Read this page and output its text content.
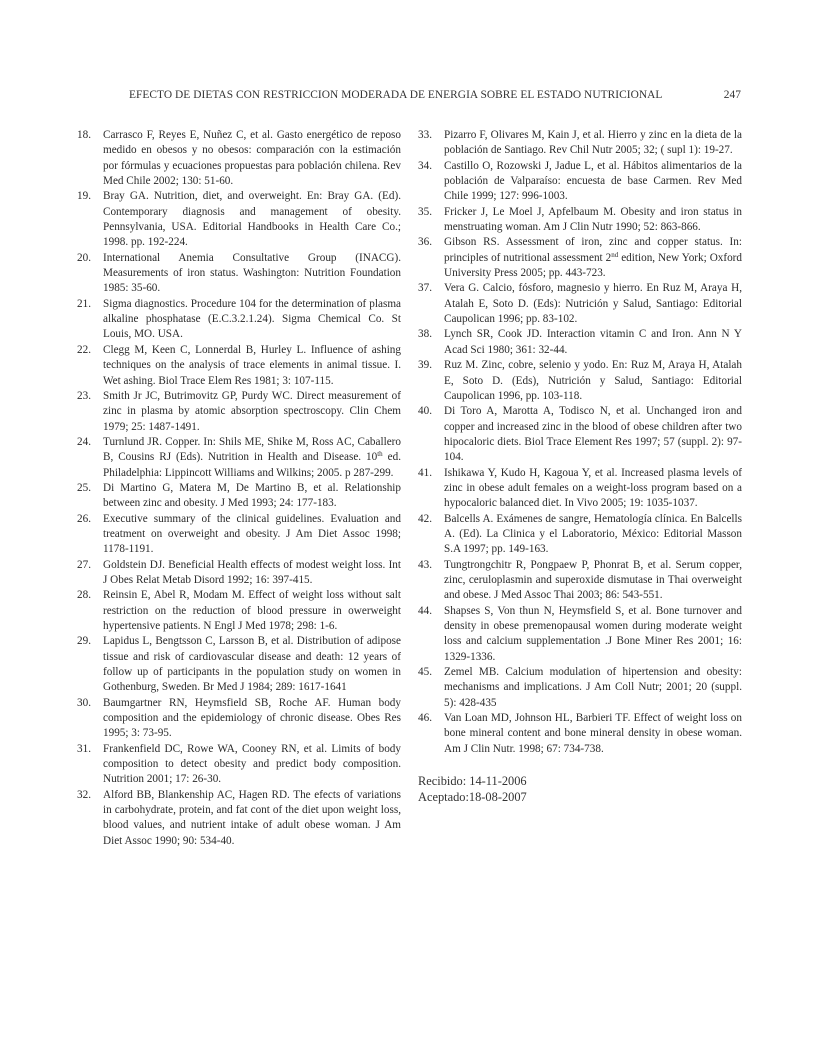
EFECTO DE DIETAS CON RESTRICCION MODERADA DE ENERGIA SOBRE EL ESTADO NUTRICIONAL	247
18. Carrasco F, Reyes E, Nuñez C, et al. Gasto energético de reposo medido en obesos y no obesos: comparación con la estimación por fórmulas y ecuaciones propuestas para población chilena. Rev Med Chile 2002; 130: 51-60.
19. Bray GA. Nutrition, diet, and overweight. En: Bray GA. (Ed). Contemporary diagnosis and management of obesity. Pennsylvania, USA. Editorial Handbooks in Health Care Co.; 1998. pp. 192-224.
20. International Anemia Consultative Group (INACG). Measurements of iron status. Washington: Nutrition Foundation 1985: 35-60.
21. Sigma diagnostics. Procedure 104 for the determination of plasma alkaline phosphatase (E.C.3.2.1.24). Sigma Chemical Co. St Louis, MO. USA.
22. Clegg M, Keen C, Lonnerdal B, Hurley L. Influence of ashing techniques on the analysis of trace elements in animal tissue. I. Wet ashing. Biol Trace Elem Res 1981; 3: 107-115.
23. Smith Jr JC, Butrimovitz GP, Purdy WC. Direct measurement of zinc in plasma by atomic absorption spectroscopy. Clin Chem 1979; 25: 1487-1491.
24. Turnlund JR. Copper. In: Shils ME, Shike M, Ross AC, Caballero B, Cousins RJ (Eds). Nutrition in Health and Disease. 10th ed. Philadelphia: Lippincott Williams and Wilkins; 2005. p 287-299.
25. Di Martino G, Matera M, De Martino B, et al. Relationship between zinc and obesity. J Med 1993; 24: 177-183.
26. Executive summary of the clinical guidelines. Evaluation and treatment on overweight and obesity. J Am Diet Assoc 1998; 1178-1191.
27. Goldstein DJ. Beneficial Health effects of modest weight loss. Int J Obes Relat Metab Disord 1992; 16: 397-415.
28. Reinsin E, Abel R, Modam M. Effect of weight loss without salt restriction on the reduction of blood pressure in owerweight hypertensive patients. N Engl J Med 1978; 298: 1-6.
29. Lapidus L, Bengtsson C, Larsson B, et al. Distribution of adipose tissue and risk of cardiovascular disease and death: 12 years of follow up of participants in the population study on women in Gothenburg, Sweden. Br Med J 1984; 289: 1617-1641
30. Baumgartner RN, Heymsfield SB, Roche AF. Human body composition and the epidemiology of chronic disease. Obes Res 1995; 3: 73-95.
31. Frankenfield DC, Rowe WA, Cooney RN, et al. Limits of body composition to detect obesity and predict body composition. Nutrition 2001; 17: 26-30.
32. Alford BB, Blankenship AC, Hagen RD. The efects of variations in carbohydrate, protein, and fat cont of the diet upon weight loss, blood values, and nutrient intake of adult obese woman. J Am Diet Assoc 1990; 90: 534-40.
33. Pizarro F, Olivares M, Kain J, et al. Hierro y zinc en la dieta de la población de Santiago. Rev Chil Nutr 2005; 32; ( supl 1): 19-27.
34. Castillo O, Rozowski J, Jadue L, et al. Hábitos alimentarios de la población de Valparaíso: encuesta de base Carmen. Rev Med Chile 1999; 127: 996-1003.
35. Fricker J, Le Moel J, Apfelbaum M. Obesity and iron status in menstruating woman. Am J Clin Nutr 1990; 52: 863-866.
36. Gibson RS. Assessment of iron, zinc and copper status. In: principles of nutritional assessment 2nd edition, New York; Oxford University Press 2005; pp. 443-723.
37. Vera G. Calcio, fósforo, magnesio y hierro. En Ruz M, Araya H, Atalah E, Soto D. (Eds): Nutrición y Salud, Santiago: Editorial Caupolican 1996; pp. 83-102.
38. Lynch SR, Cook JD. Interaction vitamin C and Iron. Ann N Y Acad Sci 1980; 361: 32-44.
39. Ruz M. Zinc, cobre, selenio y yodo. En: Ruz M, Araya H, Atalah E, Soto D. (Eds), Nutrición y Salud, Santiago: Editorial Caupolican 1996, pp. 103-118.
40. Di Toro A, Marotta A, Todisco N, et al. Unchanged iron and copper and increased zinc in the blood of obese children after two hipocaloric diets. Biol Trace Element Res 1997; 57 (suppl. 2): 97-104.
41. Ishikawa Y, Kudo H, Kagoua Y, et al. Increased plasma levels of zinc in obese adult females on a weight-loss program based on a hypocaloric balanced diet. In Vivo 2005; 19: 1035-1037.
42. Balcells A. Exámenes de sangre, Hematología clínica. En Balcells A. (Ed). La Clinica y el Laboratorio, México: Editorial Masson S.A 1997; pp. 149-163.
43. Tungtrongchitr R, Pongpaew P, Phonrat B, et al. Serum copper, zinc, ceruloplasmin and superoxide dismutase in Thai overweight and obese. J Med Assoc Thai 2003; 86: 543-551.
44. Shapses S, Von thun N, Heymsfield S, et al. Bone turnover and density in obese premenopausal women during moderate weight loss and calcium supplementation .J Bone Miner Res 2001; 16: 1329-1336.
45. Zemel MB. Calcium modulation of hipertension and obesity: mechanisms and implications. J Am Coll Nutr; 2001; 20 (suppl. 5): 428-435
46. Van Loan MD, Johnson HL, Barbieri TF. Effect of weight loss on bone mineral content and bone mineral density in obese woman. Am J Clin Nutr. 1998; 67: 734-738.
Recibido: 14-11-2006
Aceptado:18-08-2007
